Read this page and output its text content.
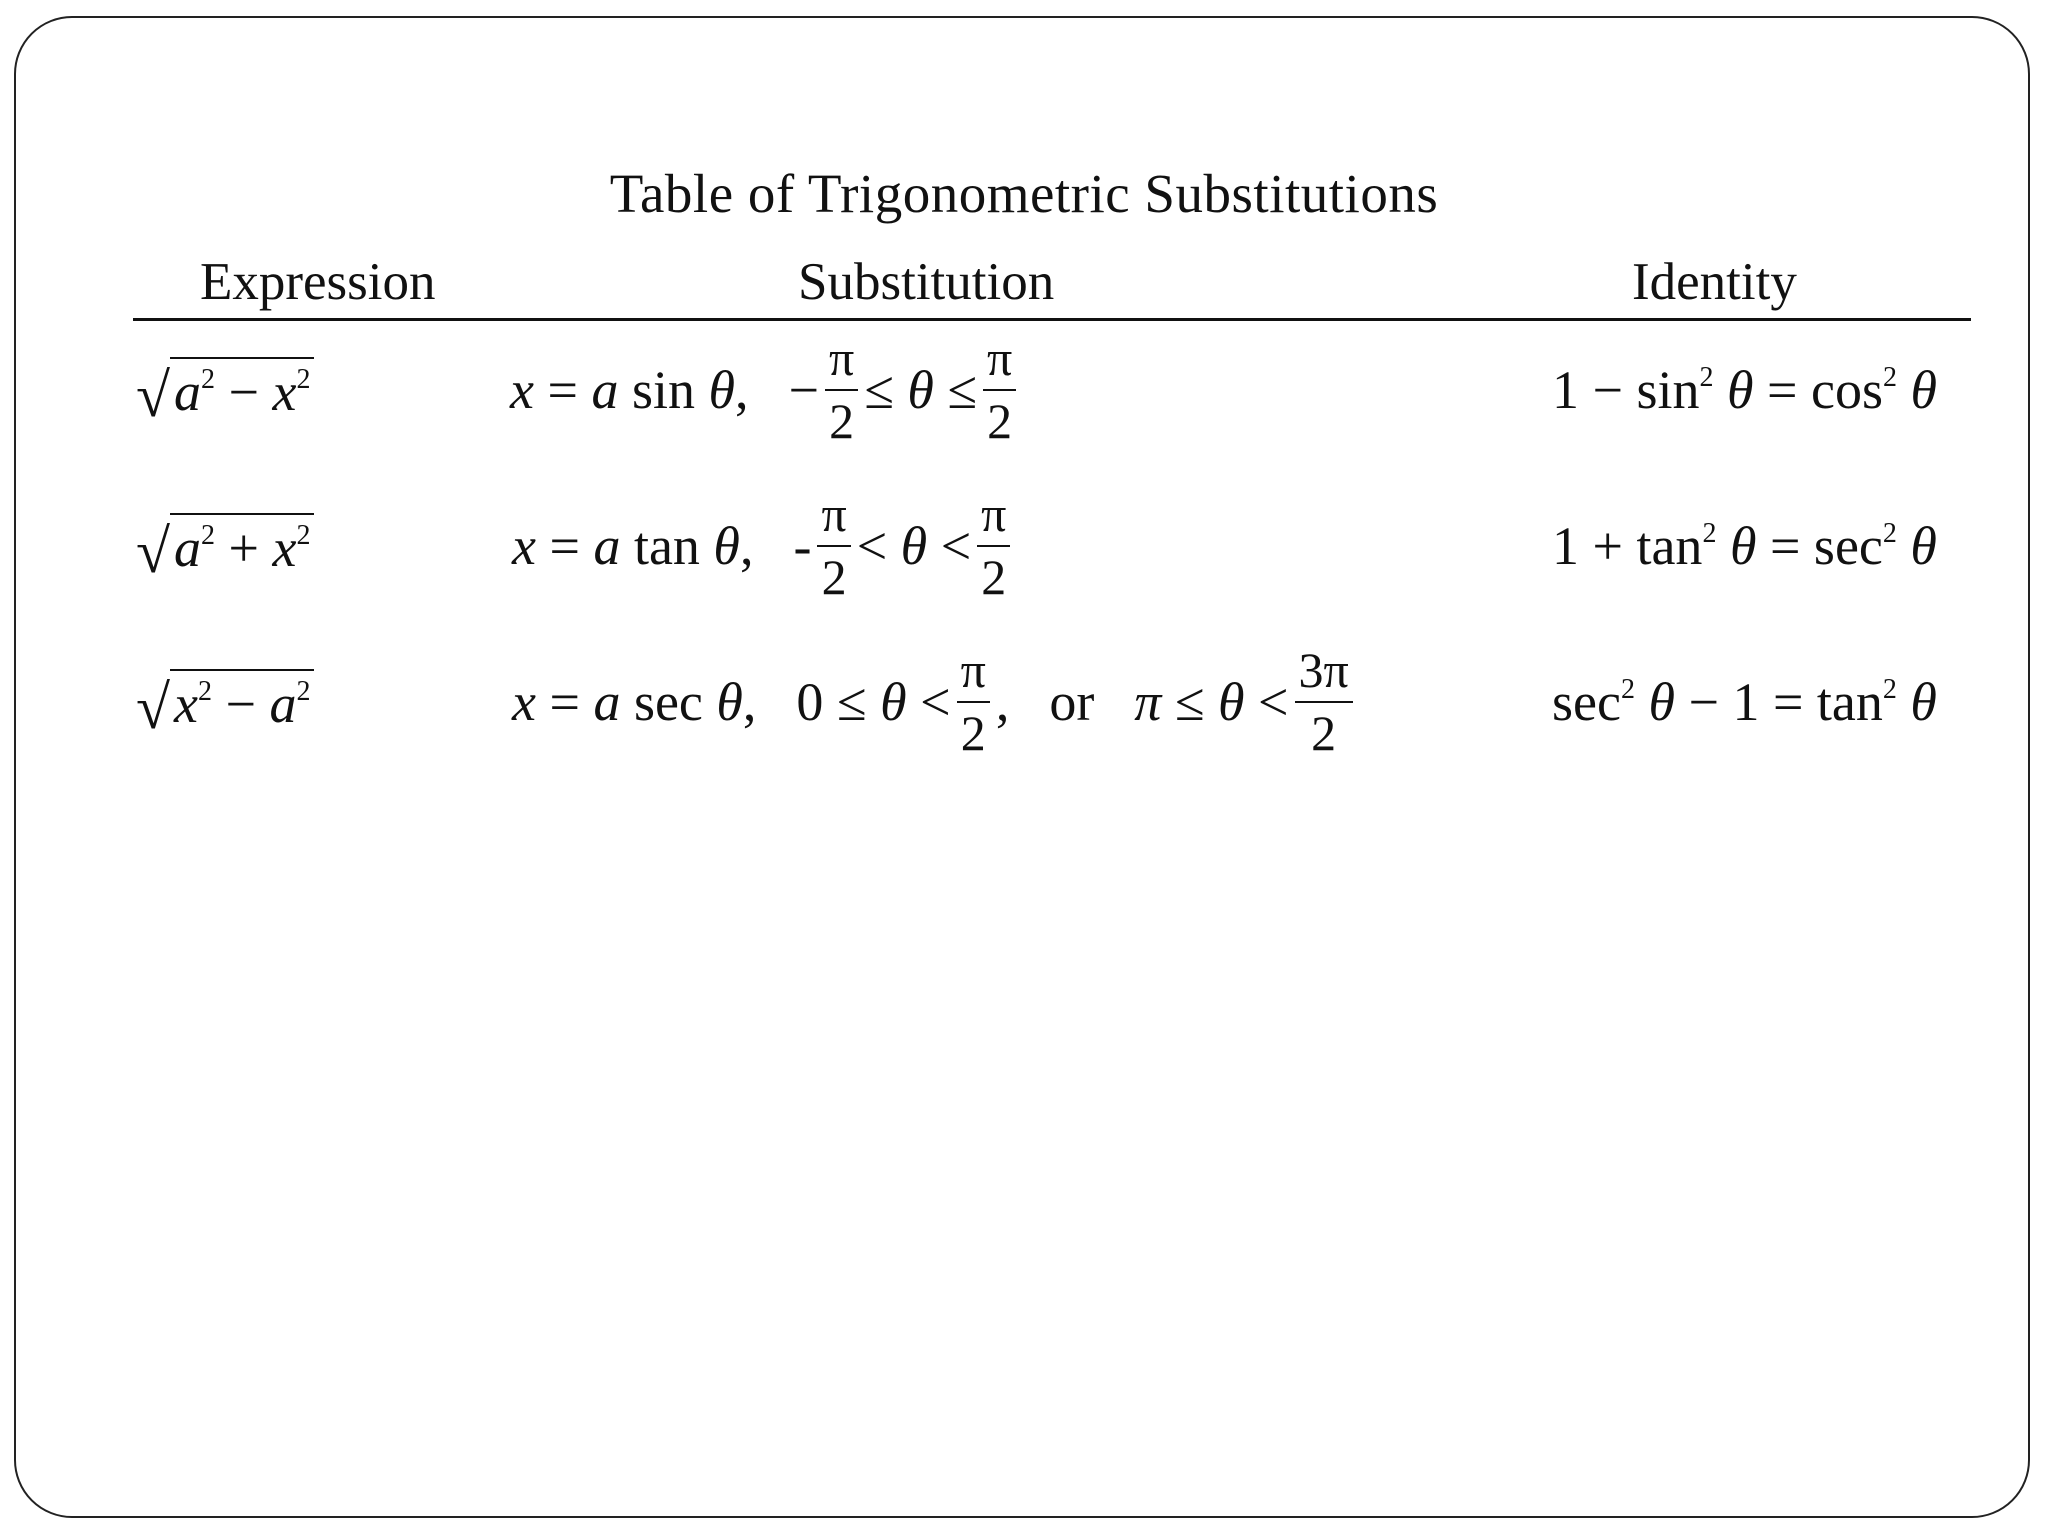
Table of Trigonometric Substitutions
Expression	Substitution	Identity
√ $a^2 - x^2$	x = a sin θ, − $\frac{\pi}{2} \le \theta \le \frac{\pi}{2}$	$1 - \sin^2 \theta = \cos^2 \theta$
√ $a^2 + x^2$	x = a tan θ, - $\frac{\pi}{2} < \theta < \frac{\pi}{2}$	$1 + \tan^2 \theta = \sec^2 \theta$
√ $x^2 - a^2$	x = a sec θ, $0 \le \theta < \frac{\pi}{2}$ , or $\pi \le \theta < \frac{3\pi}{2}$	$\sec^2 \theta - 1 = \tan^2 \theta$
